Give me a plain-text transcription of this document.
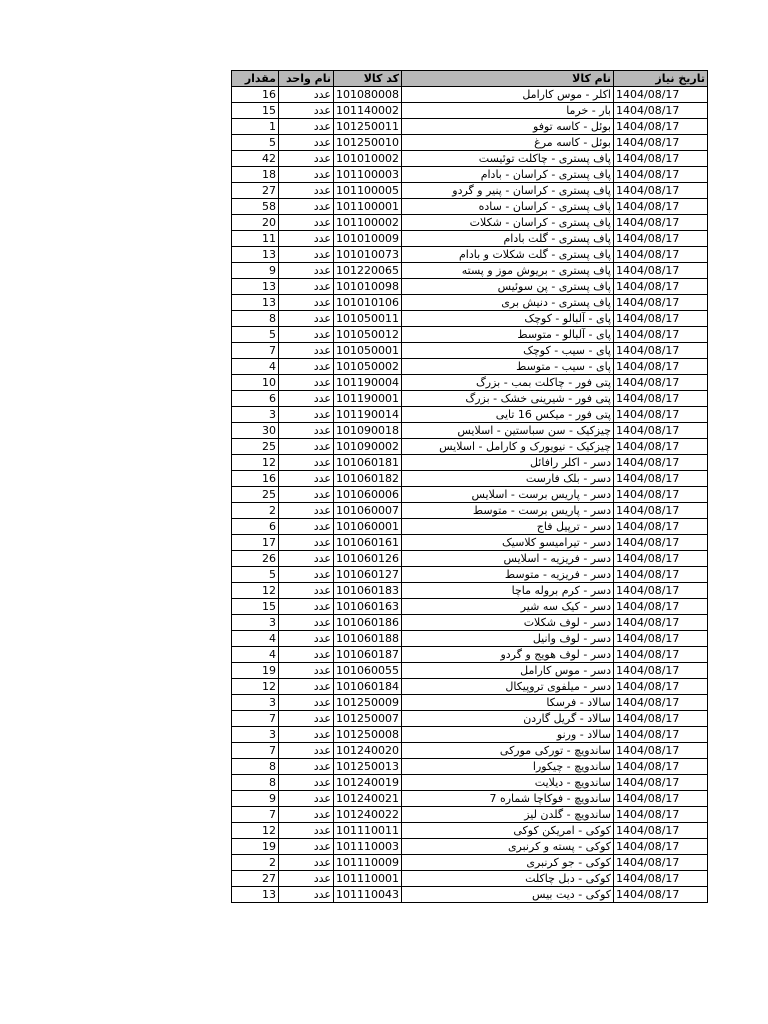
تاریخ نیاز	نام کالا	کد کالا	نام واحد	مقدار
1404/08/17	اکلر - موس کارامل	101080008	عدد	16
1404/08/17	بار - خرما	101140002	عدد	15
1404/08/17	بوئل - کاسه توفو	101250011	عدد	1
1404/08/17	بوئل - کاسه مرغ	101250010	عدد	5
1404/08/17	پاف پستری - چاکلت توئیست	101010002	عدد	42
1404/08/17	پاف پستری - کراسان - بادام	101100003	عدد	18
1404/08/17	پاف پستری - کراسان - پنیر و گردو	101100005	عدد	27
1404/08/17	پاف پستری - کراسان - ساده	101100001	عدد	58
1404/08/17	پاف پستری - کراسان - شکلات	101100002	عدد	20
1404/08/17	پاف پستری - گلت بادام	101010009	عدد	11
1404/08/17	پاف پستری - گلت شکلات و بادام	101010073	عدد	13
1404/08/17	پاف پستری - بریوش موز و پسته	101220065	عدد	9
1404/08/17	پاف پستری - پن سوئیس	101010098	عدد	13
1404/08/17	پاف پستری - دنیش بری	101010106	عدد	13
1404/08/17	پای - آلبالو - کوچک	101050011	عدد	8
1404/08/17	پای - آلبالو - متوسط	101050012	عدد	5
1404/08/17	پای - سیب - کوچک	101050001	عدد	7
1404/08/17	پای - سیب - متوسط	101050002	عدد	4
1404/08/17	پتی فور - چاکلت بمب - بزرگ	101190004	عدد	10
1404/08/17	پتی فور - شیرینی خشک - بزرگ	101190001	عدد	6
1404/08/17	پتی فور - میکس 16 تایی	101190014	عدد	3
1404/08/17	چیزکیک - سن سباستین - اسلایس	101090018	عدد	30
1404/08/17	چیزکیک - نیویورک و کارامل - اسلایس	101090002	عدد	25
1404/08/17	دسر - اکلر رافائل	101060181	عدد	12
1404/08/17	دسر - بلک فارست	101060182	عدد	16
1404/08/17	دسر - پاریس برست - اسلایس	101060006	عدد	25
1404/08/17	دسر - پاریس برست - متوسط	101060007	عدد	2
1404/08/17	دسر - ترپیل فاج	101060001	عدد	6
1404/08/17	دسر - تیرامیسو کلاسیک	101060161	عدد	17
1404/08/17	دسر - فریزیه - اسلایس	101060126	عدد	26
1404/08/17	دسر - فریزیه - متوسط	101060127	عدد	5
1404/08/17	دسر - کرم بروله ماچا	101060183	عدد	12
1404/08/17	دسر - کیک سه شیر	101060163	عدد	15
1404/08/17	دسر - لوف شکلات	101060186	عدد	3
1404/08/17	دسر - لوف وانیل	101060188	عدد	4
1404/08/17	دسر - لوف هویج و گردو	101060187	عدد	4
1404/08/17	دسر - موس کارامل	101060055	عدد	19
1404/08/17	دسر - میلفوی تروپیکال	101060184	عدد	12
1404/08/17	سالاد - فرسکا	101250009	عدد	3
1404/08/17	سالاد - گریل گاردن	101250007	عدد	7
1404/08/17	سالاد - ورنو	101250008	عدد	3
1404/08/17	ساندویچ - تورکی مورکی	101240020	عدد	7
1404/08/17	ساندویچ - چیکورا	101250013	عدد	8
1404/08/17	ساندویچ - دیلایت	101240019	عدد	8
1404/08/17	ساندویچ - فوکاچا شماره 7	101240021	عدد	9
1404/08/17	ساندویچ - گلدن لیز	101240022	عدد	7
1404/08/17	کوکی - امریکن کوکی	101110011	عدد	12
1404/08/17	کوکی - پسته و کرنبری	101110003	عدد	19
1404/08/17	کوکی - جو کرنبری	101110009	عدد	2
1404/08/17	کوکی - دبل چاکلت	101110001	عدد	27
1404/08/17	کوکی - دیت بیس	101110043	عدد	13
